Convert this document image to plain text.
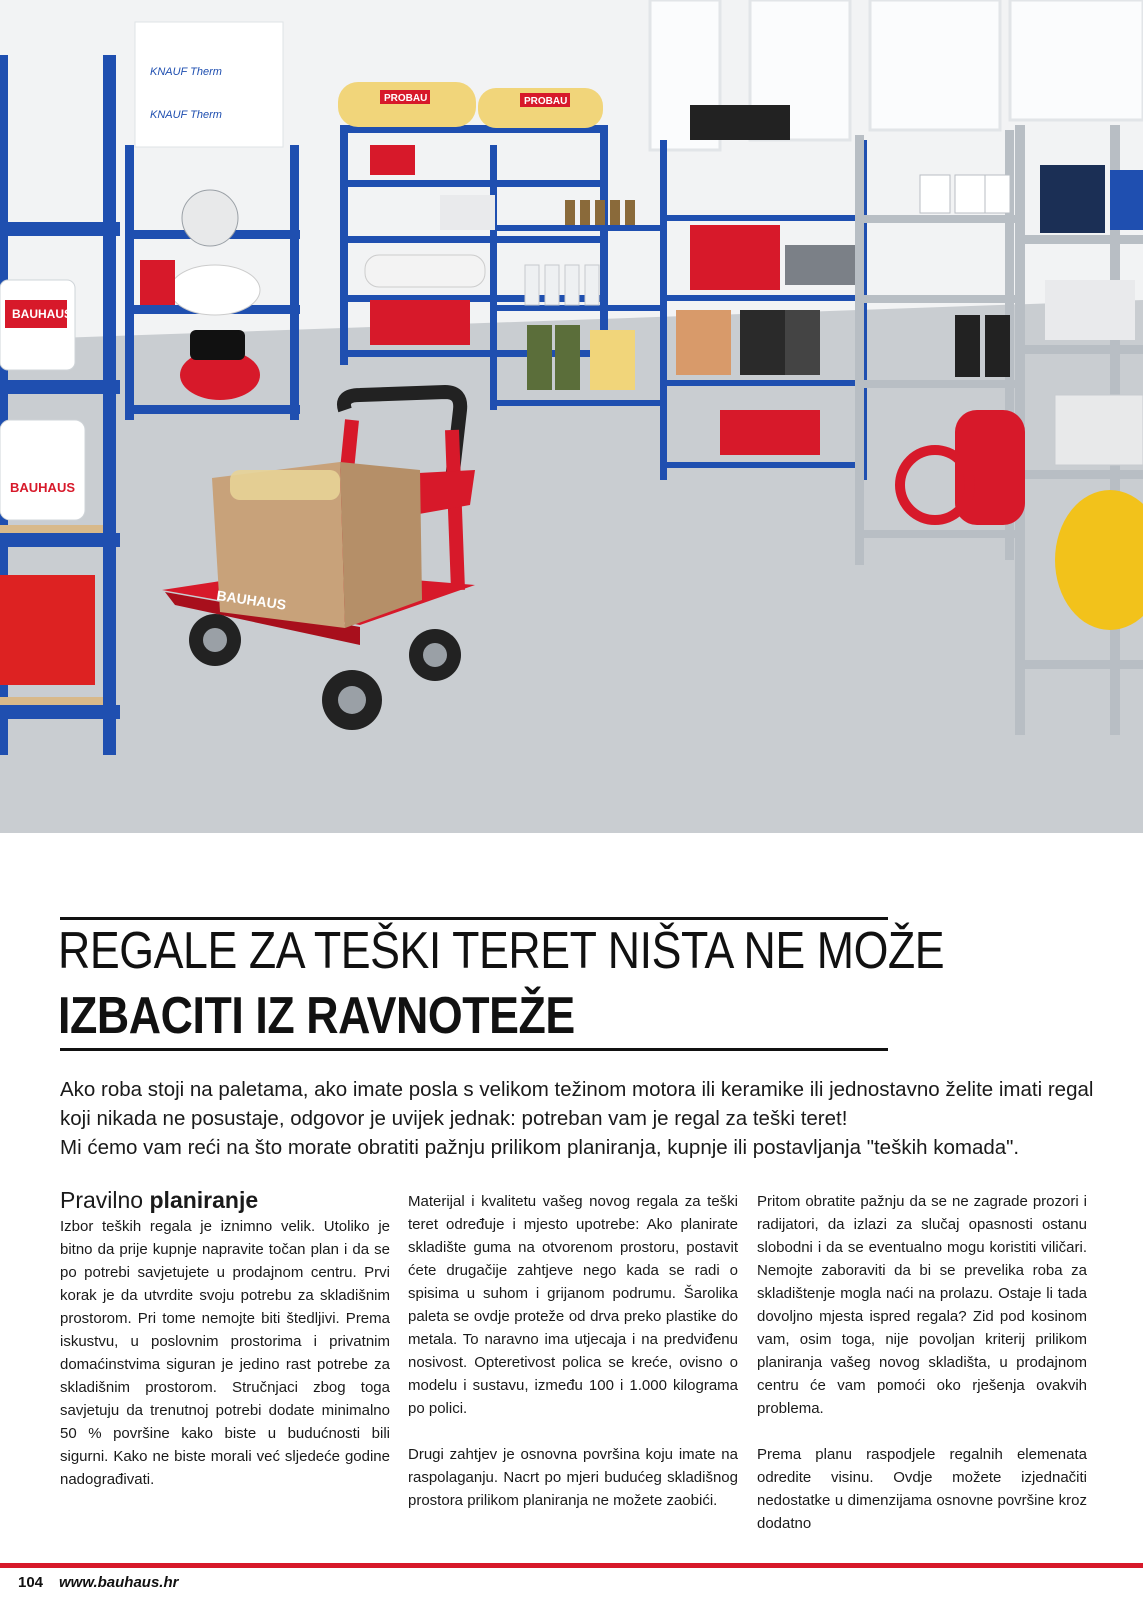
BAUHAUS
BAUHAUS
KNAUF Therm
KNAUF Therm
PROBAU	PROBAU
BAUHAUS
REGALE ZA TEŠKI TERET NIŠTA NE MOŽE
IZBACITI IZ RAVNOTEŽE

Ako roba stoji na paletama, ako imate posla s velikom težinom motora ili keramike ili jednostavno želite imati regal koji nikada ne posustaje, odgovor je uvijek jednak: potreban vam je regal za teški teret!

Mi ćemo vam reći na što morate obratiti pažnju prilikom planiranja, kupnje ili postavljanja "teških komada".

Pravilno planiranje

Izbor teških regala je iznimno velik. Utoliko je bitno da prije kupnje napravite točan plan i da se po potrebi savjetujete u prodajnom centru. Prvi korak je da utvrdite svoju potrebu za skladišnim prostorom. Pri tome nemojte biti štedljivi. Prema iskustvu, u poslovnim prostorima i privatnim domaćinstvima siguran je jedino rast potrebe za skladišnim prostorom. Stručnjaci zbog toga savjetuju da trenutnoj potrebi dodate minimalno 50 % površine kako biste u budućnosti bili sigurni. Kako ne biste morali već sljedeće godine nadograđivati.

Materijal i kvalitetu vašeg novog regala za teški teret određuje i mjesto upotrebe: Ako planirate skladište guma na otvorenom prostoru, postavit ćete drugačije zahtjeve nego kada se radi o spisima u suhom i grijanom podrumu. Šarolika paleta se ovdje proteže od drva preko plastike do metala. To naravno ima utjecaja i na predviđenu nosivost. Opteretivost polica se kreće, ovisno o modelu i sustavu, između 100 i 1.000 kilograma po polici.

Drugi zahtjev je osnovna površina koju imate na raspolaganju. Nacrt po mjeri budućeg skladišnog prostora prilikom planiranja ne možete zaobići.

Pritom obratite pažnju da se ne zagrade prozori i radijatori, da izlazi za slučaj opasnosti ostanu slobodni i da se eventualno mogu koristiti viličari. Nemojte zaboraviti da bi se prevelika roba za skladištenje mogla naći na prolazu. Ostaje li tada dovoljno mjesta ispred regala? Zid pod kosinom vam, osim toga, nije povoljan kriterij prilikom planiranja vašeg novog skladišta, u prodajnom centru će vam pomoći oko rješenja ovakvih problema.

Prema planu raspodjele regalnih elemenata odredite visinu. Ovdje možete izjednačiti nedostatke u dimenzijama osnovne površine kroz dodatno

104 www.bauhaus.hr
